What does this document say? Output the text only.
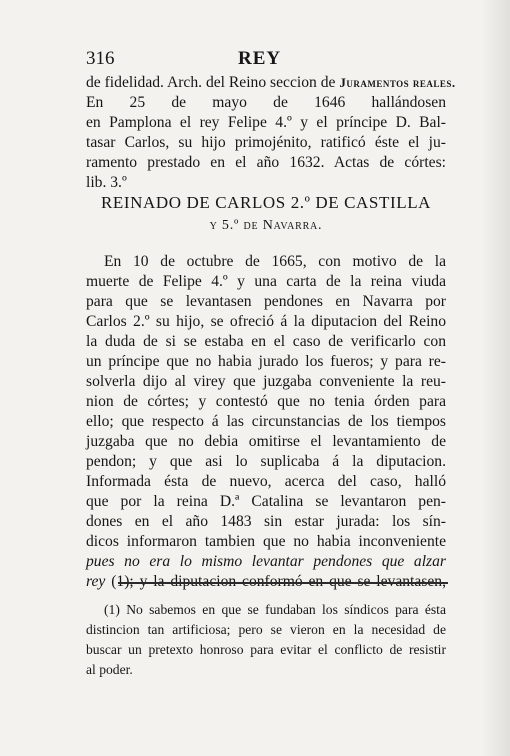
316	REY
de fidelidad. Arch. del Reino seccion de Juramentos reales.
En 25 de mayo de 1646 hallándosen
en Pamplona el rey Felipe 4.º y el príncipe D. Bal-
tasar Carlos, su hijo primojénito, ratificó éste el ju-
ramento prestado en el año 1632. Actas de córtes:
lib. 3.º
REINADO DE CARLOS 2.º DE CASTILLA
y 5.º de Navarra.
En 10 de octubre de 1665, con motivo de la
muerte de Felipe 4.º y una carta de la reina viuda
para que se levantasen pendones en Navarra por
Carlos 2.º su hijo, se ofreció á la diputacion del Reino
la duda de si se estaba en el caso de verificarlo con
un príncipe que no habia jurado los fueros; y para re-
solverla dijo al virey que juzgaba conveniente la reu-
nion de córtes; y contestó que no tenia órden para
ello; que respecto á las circunstancias de los tiempos
juzgaba que no debia omitirse el levantamiento de
pendon; y que asi lo suplicaba á la diputacion.
Informada ésta de nuevo, acerca del caso, halló
que por la reina D.ª Catalina se levantaron pen-
dones en el año 1483 sin estar jurada: los sín-
dicos informaron tambien que no habia inconveniente
pues no era lo mismo levantar pendones que alzar
rey (1); y la diputacion conformó en que se levantasen,
(1) No sabemos en que se fundaban los síndicos para ésta
distincion tan artificiosa; pero se vieron en la necesidad de
buscar un pretexto honroso para evitar el conflicto de resistir
al poder.
